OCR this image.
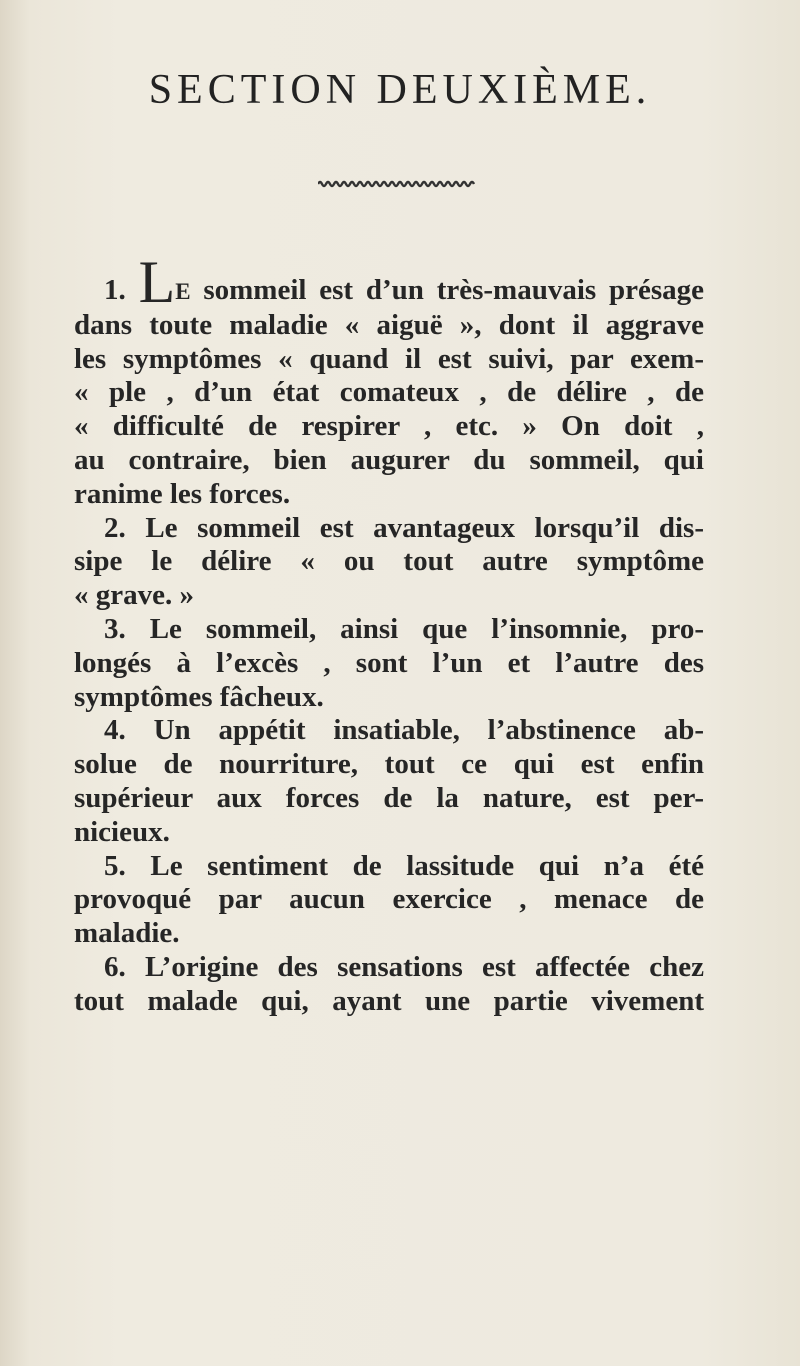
SECTION DEUXIÈME.
1. LE sommeil est d’un très-mauvais présage
dans toute maladie « aiguë », dont il aggrave
les symptômes « quand il est suivi, par exem-
« ple , d’un état comateux , de délire , de
« difficulté de respirer , etc. » On doit ,
au contraire, bien augurer du sommeil, qui
ranime les forces.
2. Le sommeil est avantageux lorsqu’il dis-
sipe le délire « ou tout autre symptôme
« grave. »
3. Le sommeil, ainsi que l’insomnie, pro-
longés à l’excès , sont l’un et l’autre des
symptômes fâcheux.
4. Un appétit insatiable, l’abstinence ab-
solue de nourriture, tout ce qui est enfin
supérieur aux forces de la nature, est per-
nicieux.
5. Le sentiment de lassitude qui n’a été
provoqué par aucun exercice , menace de
maladie.
6. L’origine des sensations est affectée chez
tout malade qui, ayant une partie vivement
